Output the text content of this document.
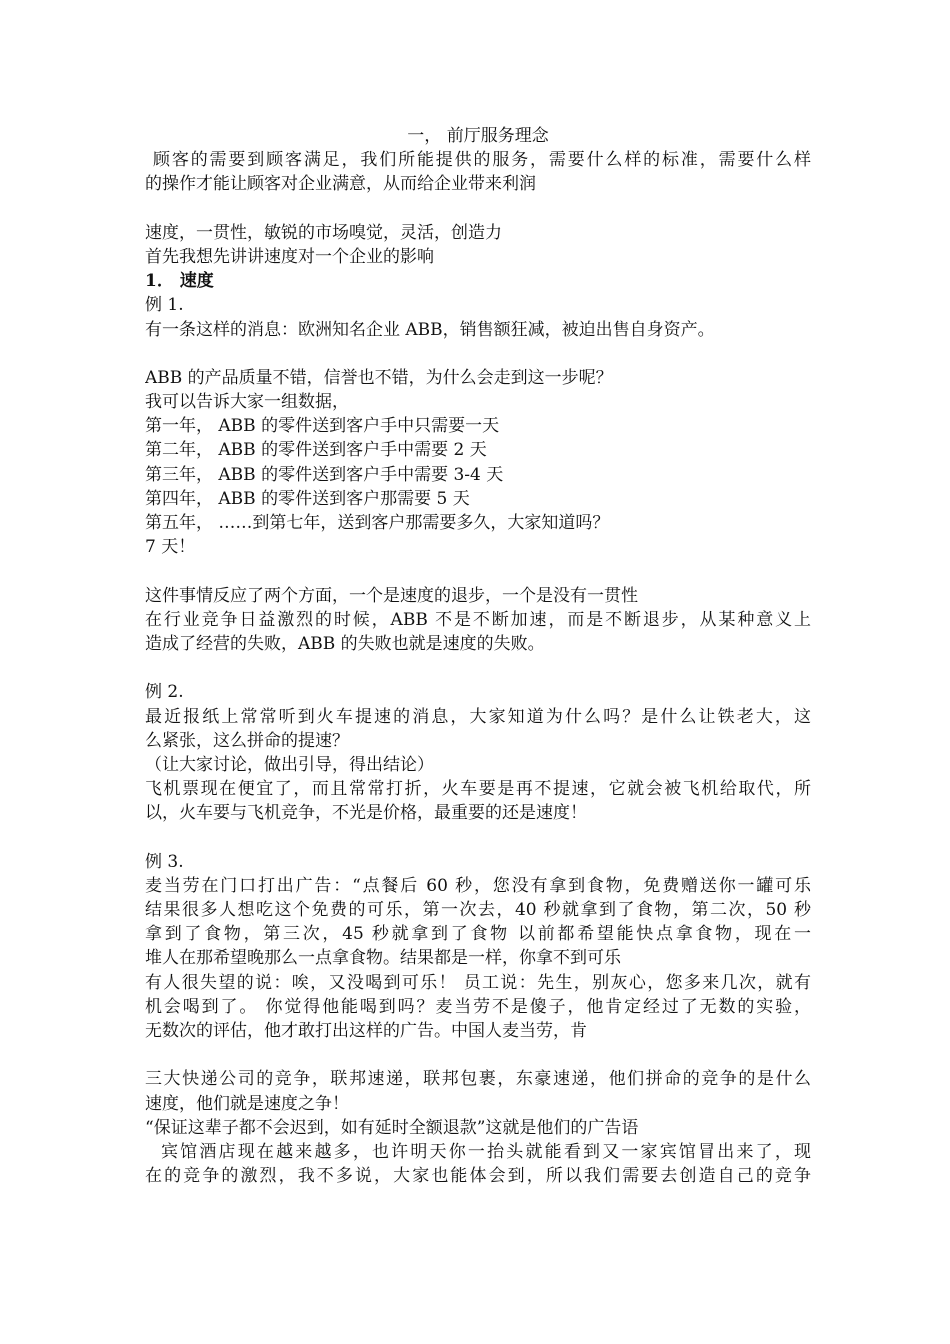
一， 前厅服务理念
顾客的需要到顾客满足，我们所能提供的服务，需要什么样的标准，需要什么样
的操作才能让顾客对企业满意，从而给企业带来利润
速度，一贯性，敏锐的市场嗅觉，灵活，创造力
首先我想先讲讲速度对一个企业的影响
1． 速度
例 1.
有一条这样的消息：欧洲知名企业 ABB，销售额狂减，被迫出售自身资产。
ABB 的产品质量不错，信誉也不错，为什么会走到这一步呢？
我可以告诉大家一组数据，
第一年， ABB 的零件送到客户手中只需要一天
第二年， ABB 的零件送到客户手中需要 2 天
第三年， ABB 的零件送到客户手中需要 3-4 天
第四年， ABB 的零件送到客户那需要 5 天
第五年， ……到第七年，送到客户那需要多久，大家知道吗？
7 天！
这件事情反应了两个方面，一个是速度的退步，一个是没有一贯性
在行业竞争日益激烈的时候，ABB 不是不断加速，而是不断退步，从某种意义上
造成了经营的失败，ABB 的失败也就是速度的失败。
例 2.
最近报纸上常常听到火车提速的消息，大家知道为什么吗？是什么让铁老大，这
么紧张，这么拼命的提速？
（让大家讨论，做出引导，得出结论）
飞机票现在便宜了，而且常常打折，火车要是再不提速，它就会被飞机给取代，所
以，火车要与飞机竞争，不光是价格，最重要的还是速度！
例 3.
麦当劳在门口打出广告：“点餐后 60 秒，您没有拿到食物，免费赠送你一罐可乐
结果很多人想吃这个免费的可乐，第一次去，40 秒就拿到了食物，第二次，50 秒
拿到了食物，第三次，45 秒就拿到了食物 以前都希望能快点拿食物，现在一
堆人在那希望晚那么一点拿食物。结果都是一样，你拿不到可乐
有人很失望的说：唉，又没喝到可乐！ 员工说：先生，别灰心，您多来几次，就有
机会喝到了。 你觉得他能喝到吗？麦当劳不是傻子，他肯定经过了无数的实验，
无数次的评估，他才敢打出这样的广告。中国人麦当劳，肯
三大快递公司的竞争，联邦速递，联邦包裹，东豪速递，他们拼命的竞争的是什么
速度，他们就是速度之争！
“保证这辈子都不会迟到，如有延时全额退款”这就是他们的广告语
宾馆酒店现在越来越多，也许明天你一抬头就能看到又一家宾馆冒出来了，现
在的竞争的激烈，我不多说，大家也能体会到，所以我们需要去创造自己的竞争
